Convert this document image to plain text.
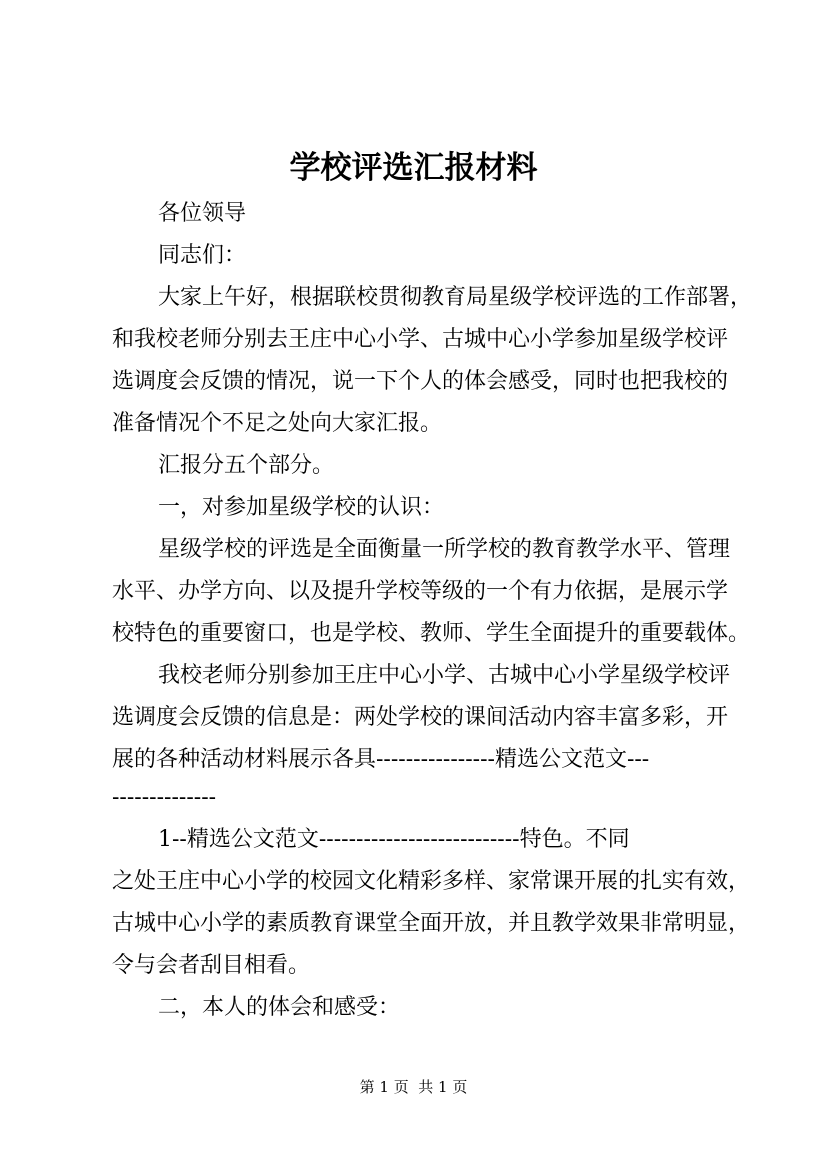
学校评选汇报材料
各位领导
同志们：
大家上午好，根据联校贯彻教育局星级学校评选的工作部署，
和我校老师分别去王庄中心小学、古城中心小学参加星级学校评
选调度会反馈的情况，说一下个人的体会感受，同时也把我校的
准备情况个不足之处向大家汇报。
汇报分五个部分。
一，对参加星级学校的认识：
星级学校的评选是全面衡量一所学校的教育教学水平、管理
水平、办学方向、以及提升学校等级的一个有力依据，是展示学
校特色的重要窗口，也是学校、教师、学生全面提升的重要载体。
我校老师分别参加王庄中心小学、古城中心小学星级学校评
选调度会反馈的信息是：两处学校的课间活动内容丰富多彩，开
展的各种活动材料展示各具----------------精选公文范文---
--------------
1--精选公文范文---------------------------特色。不同
之处王庄中心小学的校园文化精彩多样、家常课开展的扎实有效，
古城中心小学的素质教育课堂全面开放，并且教学效果非常明显，
令与会者刮目相看。
二，本人的体会和感受：
第 1 页  共 1 页
